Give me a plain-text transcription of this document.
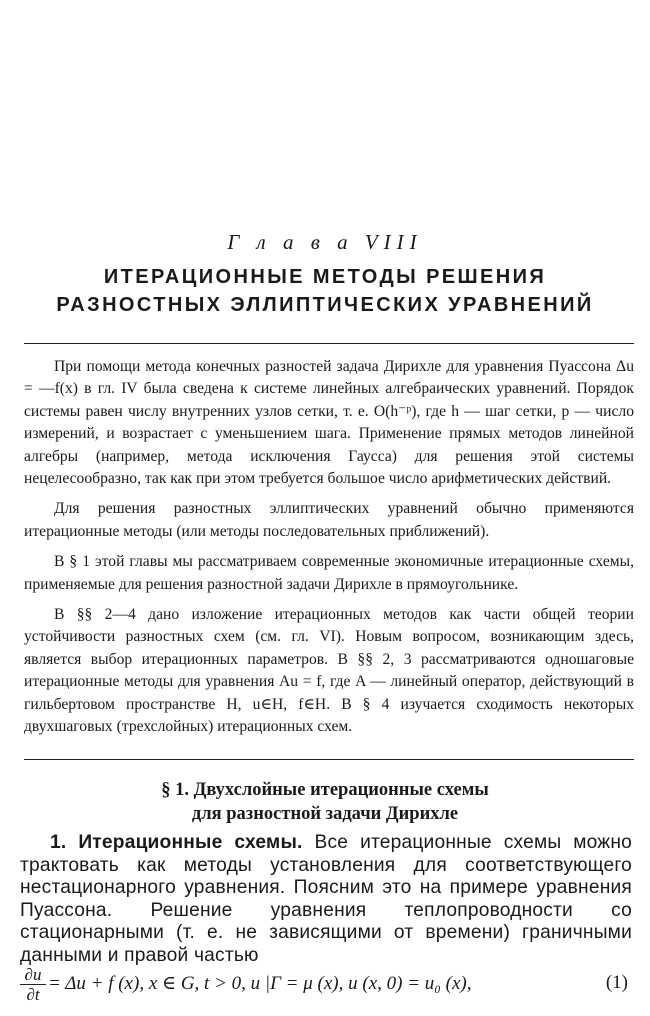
Г л а в а VIII
ИТЕРАЦИОННЫЕ МЕТОДЫ РЕШЕНИЯ
РАЗНОСТНЫХ ЭЛЛИПТИЧЕСКИХ УРАВНЕНИЙ

При помощи метода конечных разностей задача Дирихле для уравнения Пуассона Δu = —f(x) в гл. IV была сведена к системе линейных алгебраических уравнений. Порядок системы равен числу внутренних узлов сетки, т. е. O(h⁻ᵖ), где h — шаг сетки, p — число измерений, и возрастает с уменьшением шага. Применение прямых методов линейной алгебры (например, метода исключения Гаусса) для решения этой системы нецелесообразно, так как при этом требуется большое число арифметических действий.

Для решения разностных эллиптических уравнений обычно применяются итерационные методы (или методы последовательных приближений).

В § 1 этой главы мы рассматриваем современные экономичные итерационные схемы, применяемые для решения разностной задачи Дирихле в прямоугольнике.

В §§ 2—4 дано изложение итерационных методов как части общей теории устойчивости разностных схем (см. гл. VI). Новым вопросом, возникающим здесь, является выбор итерационных параметров. В §§ 2, 3 рассматриваются одношаговые итерационные методы для уравнения Au = f, где A — линейный оператор, действующий в гильбертовом пространстве H, u∈H, f∈H. В § 4 изучается сходимость некоторых двухшаговых (трехслойных) итерационных схем.

§ 1. Двухслойные итерационные схемы
для разностной задачи Дирихле

1. Итерационные схемы. Все итерационные схемы можно трактовать как методы установления для соответствующего нестационарного уравнения. Поясним это на примере уравнения Пуассона. Решение уравнения теплопроводности со стационарными (т. е. не зависящими от времени) граничными данными и правой частью

$\frac{\partial u}{\partial t} = \Delta u + f$ (x), x ∈ G, t > 0, u |Γ = μ (x), u (x, 0) = u₀ (x),	(1)
